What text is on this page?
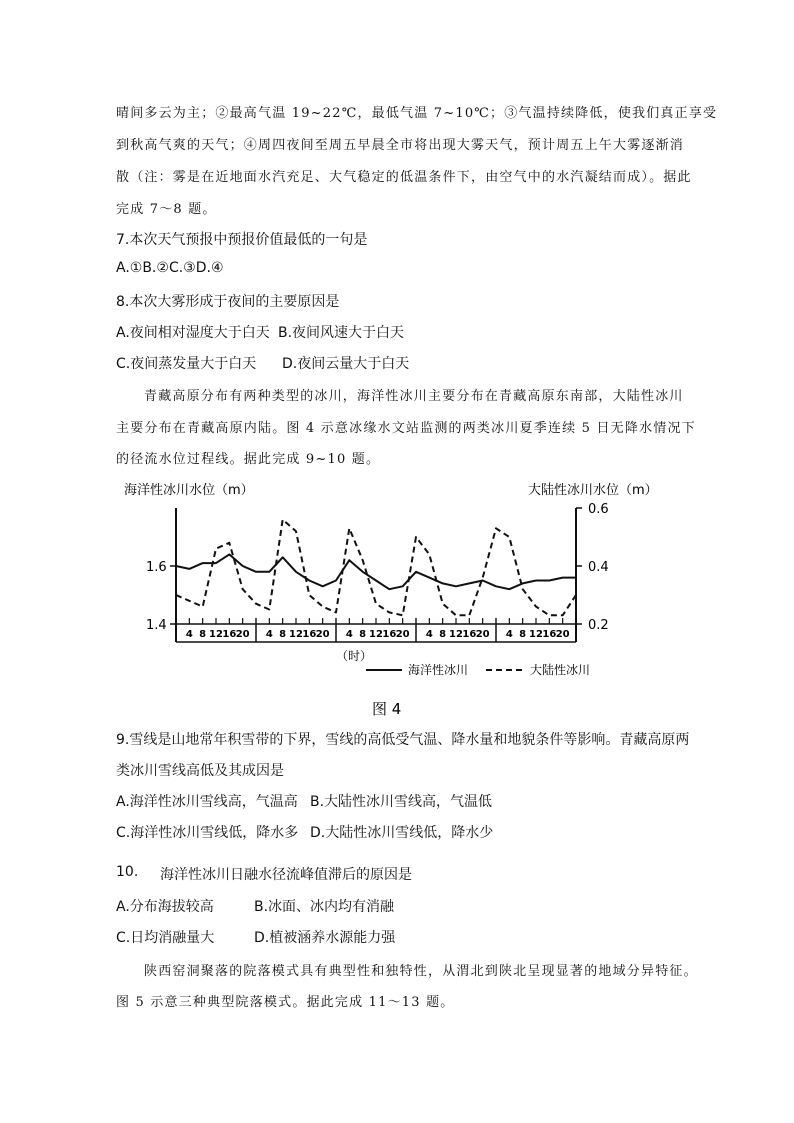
晴间多云为主；②最高气温 19~22℃，最低气温 7~10℃；③气温持续降低，使我们真正享受
到秋高气爽的天气；④周四夜间至周五早晨全市将出现大雾天气，预计周五上午大雾逐渐消
散（注：雾是在近地面水汽充足、大气稳定的低温条件下，由空气中的水汽凝结而成）。据此
完成 7～8 题。
7.本次天气预报中预报价值最低的一句是
A.①B.②C.③D.④
8.本次大雾形成于夜间的主要原因是
A.夜间相对湿度大于白天 B.夜间风速大于白天
C.夜间蒸发量大于白天 D.夜间云量大于白天
青藏高原分布有两种类型的冰川，海洋性冰川主要分布在青藏高原东南部，大陆性冰川
主要分布在青藏高原内陆。图 4 示意冰缘水文站监测的两类冰川夏季连续 5 日无降水情况下
的径流水位过程线。据此完成 9~10 题。
海洋性冰川水位（m）	大陆性冰川水位（m）
1.6
1.4
0.6
0.4
0.2
4 8 12 16 20 4 8 12 16 20 4 8 12 16 20 4 8 12 16 20 4 8 12 16 20
（时）
海洋性冰川	大陆性冰川
图 4
9.雪线是山地常年积雪带的下界，雪线的高低受气温、降水量和地貌条件等影响。青藏高原两
类冰川雪线高低及其成因是
A.海洋性冰川雪线高，气温高 B.大陆性冰川雪线高，气温低
C.海洋性冰川雪线低，降水多 D.大陆性冰川雪线低，降水少
10. 海洋性冰川日融水径流峰值滞后的原因是
A.分布海拔较高	B.冰面、冰内均有消融
C.日均消融量大	D.植被涵养水源能力强
陕西窑洞聚落的院落模式具有典型性和独特性，从渭北到陕北呈现显著的地域分异特征。
图 5 示意三种典型院落模式。据此完成 11～13 题。
